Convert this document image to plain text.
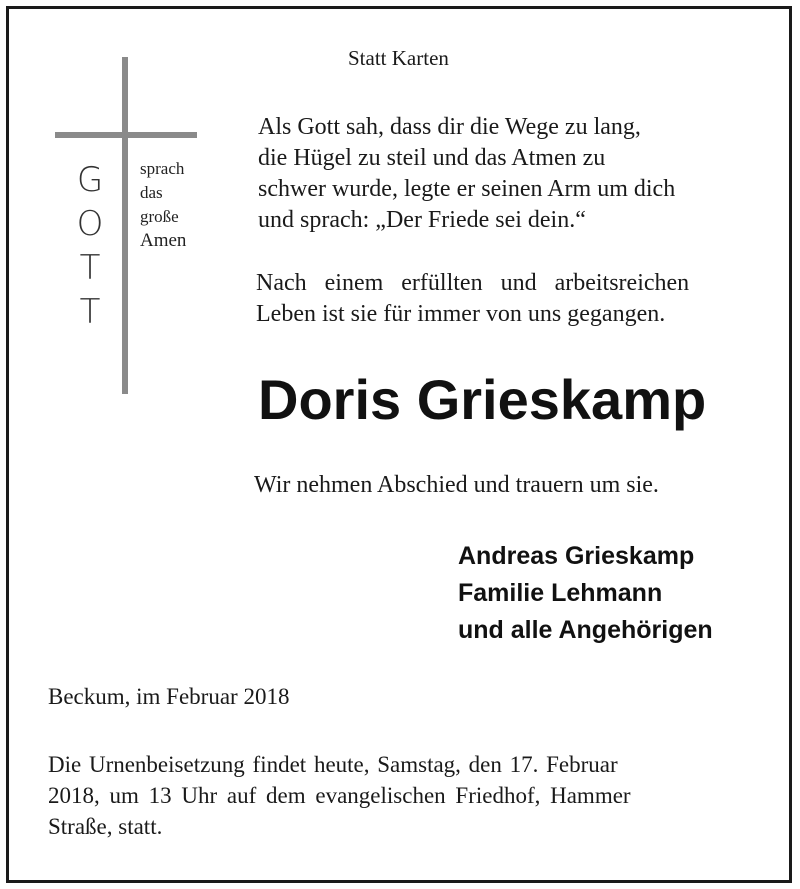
G
O
T
T
sprach
das
große
Amen
Statt Karten
Als Gott sah, dass dir die Wege zu lang,
die Hügel zu steil und das Atmen zu
schwer wurde, legte er seinen Arm um dich
und sprach: „Der Friede sei dein.“
Nach einem erfüllten und arbeitsreichen
Leben ist sie für immer von uns gegangen.
Doris Grieskamp
Wir nehmen Abschied und trauern um sie.
Andreas Grieskamp
Familie Lehmann
und alle Angehörigen
Beckum, im Februar 2018
Die Urnenbeisetzung findet heute, Samstag, den 17. Februar
2018, um 13 Uhr auf dem evangelischen Friedhof, Hammer
Straße, statt.
